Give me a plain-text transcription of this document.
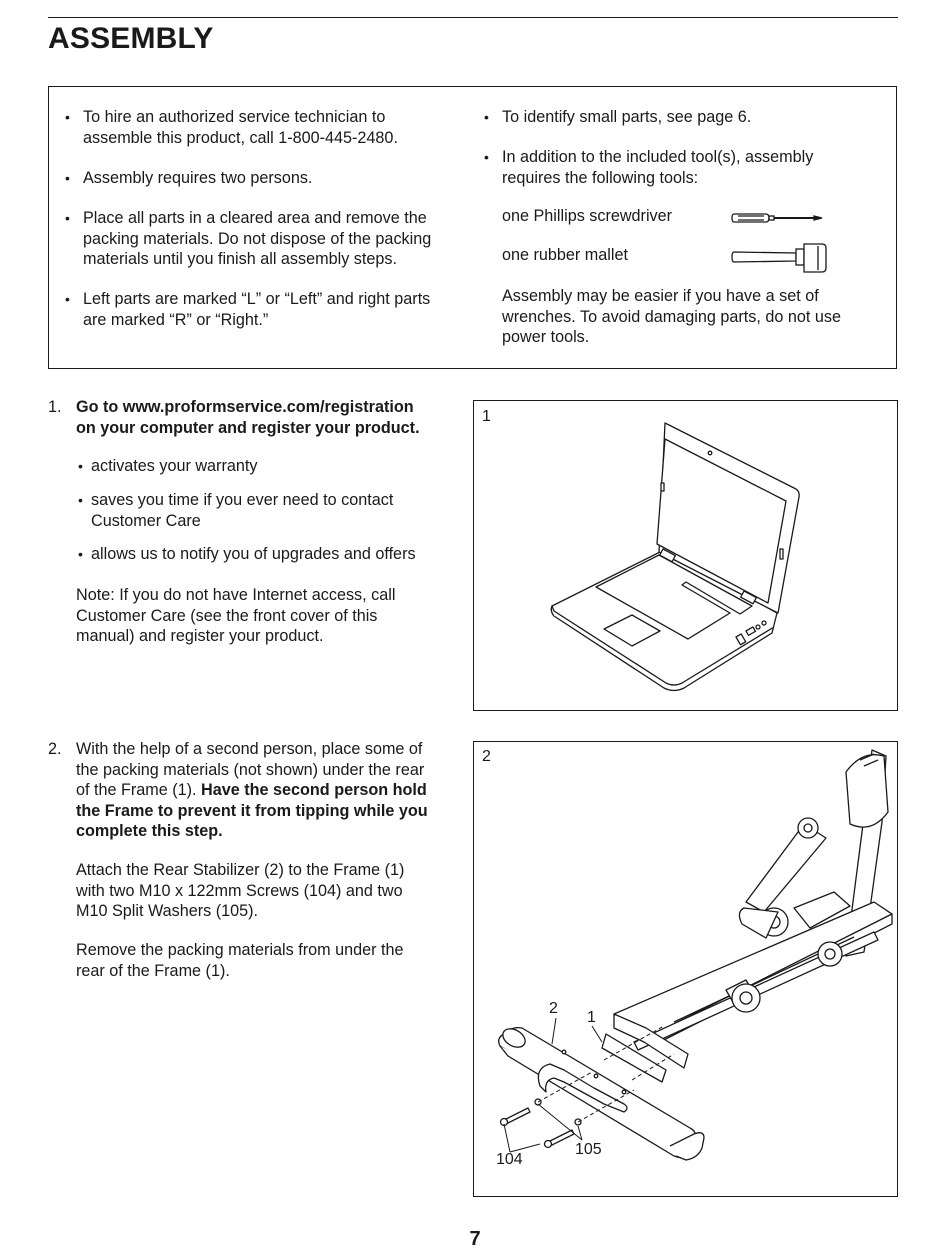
ASSEMBLY
• To hire an authorized service technician to
assemble this product, call 1-800-445-2480.
• Assembly requires two persons.
• Place all parts in a cleared area and remove the
packing materials. Do not dispose of the packing
materials until you finish all assembly steps.
• Left parts are marked “L” or “Left” and right parts
are marked “R” or “Right.”
• To identify small parts, see page 6.
• In addition to the included tool(s), assembly
requires the following tools:
one Phillips screwdriver
one rubber mallet
Assembly may be easier if you have a set of
wrenches. To avoid damaging parts, do not use
power tools.
1. Go to www.proformservice.com/registration
on your computer and register your product.
• activates your warranty
• saves you time if you ever need to contact
Customer Care
• allows us to notify you of upgrades and offers
Note: If you do not have Internet access, call
Customer Care (see the front cover of this
manual) and register your product.
1
2. With the help of a second person, place some of
the packing materials (not shown) under the rear
of the Frame (1). Have the second person hold
the Frame to prevent it from tipping while you
complete this step.
Attach the Rear Stabilizer (2) to the Frame (1)
with two M10 x 122mm Screws (104) and two
M10 Split Washers (105).
Remove the packing materials from under the
rear of the Frame (1).
2
2
1
104
105
7
